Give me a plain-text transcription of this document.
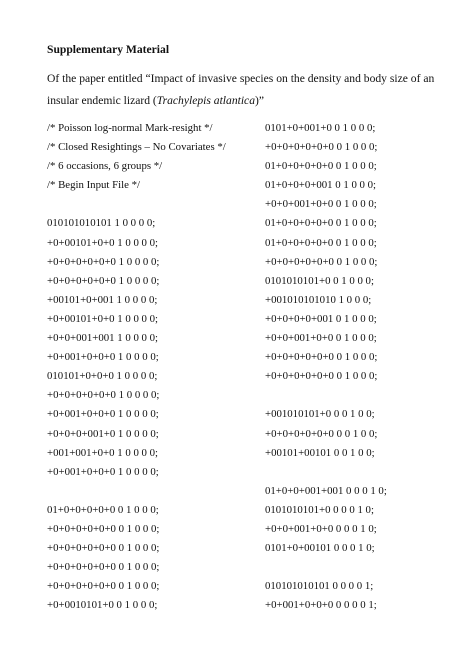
Supplementary Material
Of the paper entitled “Impact of invasive species on the density and body size of an insular endemic lizard (Trachylepis atlantica)”
/* Poisson log-normal Mark-resight */
/* Closed Resightings – No Covariates */
/* 6 occasions, 6 groups */
/* Begin Input File */
010101010101 1 0 0 0 0;
+0+00101+0+0 1 0 0 0 0;
+0+0+0+0+0+0 1 0 0 0 0;
+0+0+0+0+0+0 1 0 0 0 0;
+00101+0+001 1 0 0 0 0;
+0+00101+0+0 1 0 0 0 0;
+0+0+001+001 1 0 0 0 0;
+0+001+0+0+0 1 0 0 0 0;
010101+0+0+0 1 0 0 0 0;
+0+0+0+0+0+0 1 0 0 0 0;
+0+001+0+0+0 1 0 0 0 0;
+0+0+0+001+0 1 0 0 0 0;
+001+001+0+0 1 0 0 0 0;
+0+001+0+0+0 1 0 0 0 0;
01+0+0+0+0+0 0 1 0 0 0;
+0+0+0+0+0+0 0 1 0 0 0;
+0+0+0+0+0+0 0 1 0 0 0;
+0+0+0+0+0+0 0 1 0 0 0;
+0+0+0+0+0+0 0 1 0 0 0;
+0+0010101+0 0 1 0 0 0;
0101+0+001+0 0 1 0 0 0;
+0+0+0+0+0+0 0 1 0 0 0;
01+0+0+0+0+0 0 1 0 0 0;
01+0+0+0+001 0 1 0 0 0;
+0+0+001+0+0 0 1 0 0 0;
01+0+0+0+0+0 0 1 0 0 0;
01+0+0+0+0+0 0 1 0 0 0;
+0+0+0+0+0+0 0 1 0 0 0;
0101010101+0 0 1 0 0 0;
+001010101010 1 0 0 0;
+0+0+0+0+001 0 1 0 0 0;
+0+0+001+0+0 0 1 0 0 0;
+0+0+0+0+0+0 0 1 0 0 0;
+0+0+0+0+0+0 0 1 0 0 0;
+001010101+0 0 0 1 0 0;
+0+0+0+0+0+0 0 0 1 0 0;
+00101+00101 0 0 1 0 0;
01+0+0+001+001 0 0 0 1 0;
0101010101+0 0 0 0 1 0;
+0+0+001+0+0 0 0 0 1 0;
0101+0+00101 0 0 0 1 0;
010101010101 0 0 0 0 1;
+0+001+0+0+0 0 0 0 0 1;
